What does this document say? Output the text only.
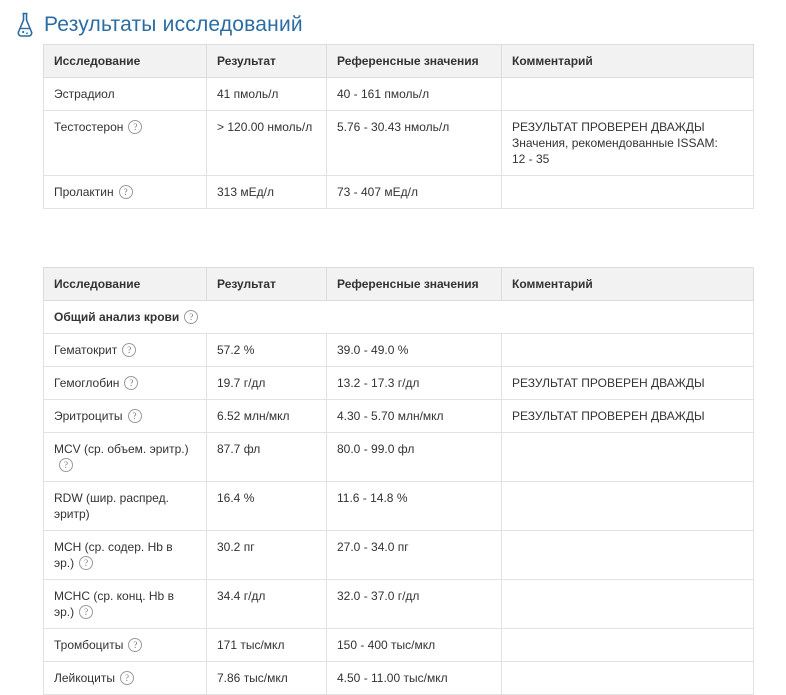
Результаты исследований
Исследование	Результат	Референсные значения	Комментарий
Эстрадиол	41 пмоль/л	40 - 161 пмоль/л	
Тестостерон ?	> 120.00 нмоль/л	5.76 - 30.43 нмоль/л	РЕЗУЛЬТАТ ПРОВЕРЕН ДВАЖДЫ
Значения, рекомендованные ISSAM:
12 - 35

Пролактин ?	313 мЕд/л	73 - 407 мЕд/л	
Исследование	Результат	Референсные значения	Комментарий
Общий анализ крови ?			
Гематокрит ?	57.2 %	39.0 - 49.0 %	
Гемоглобин ?	19.7 г/дл	13.2 - 17.3 г/дл	РЕЗУЛЬТАТ ПРОВЕРЕН ДВАЖДЫ

Эритроциты ?	6.52 млн/мкл	4.30 - 5.70 млн/мкл	РЕЗУЛЬТАТ ПРОВЕРЕН ДВАЖДЫ

MCV (ср. объем. эритр.)?	87.7 фл	80.0 - 99.0 фл	
RDW (шир. распред. эритр)	16.4 %	11.6 - 14.8 %	
MCH (ср. содер. Hb в эр.) ?	30.2 пг	27.0 - 34.0 пг	
MCHC (ср. конц. Hb в эр.) ?	34.4 г/дл	32.0 - 37.0 г/дл	
Тромбоциты ?	171 тыс/мкл	150 - 400 тыс/мкл	
Лейкоциты ?	7.86 тыс/мкл	4.50 - 11.00 тыс/мкл	
